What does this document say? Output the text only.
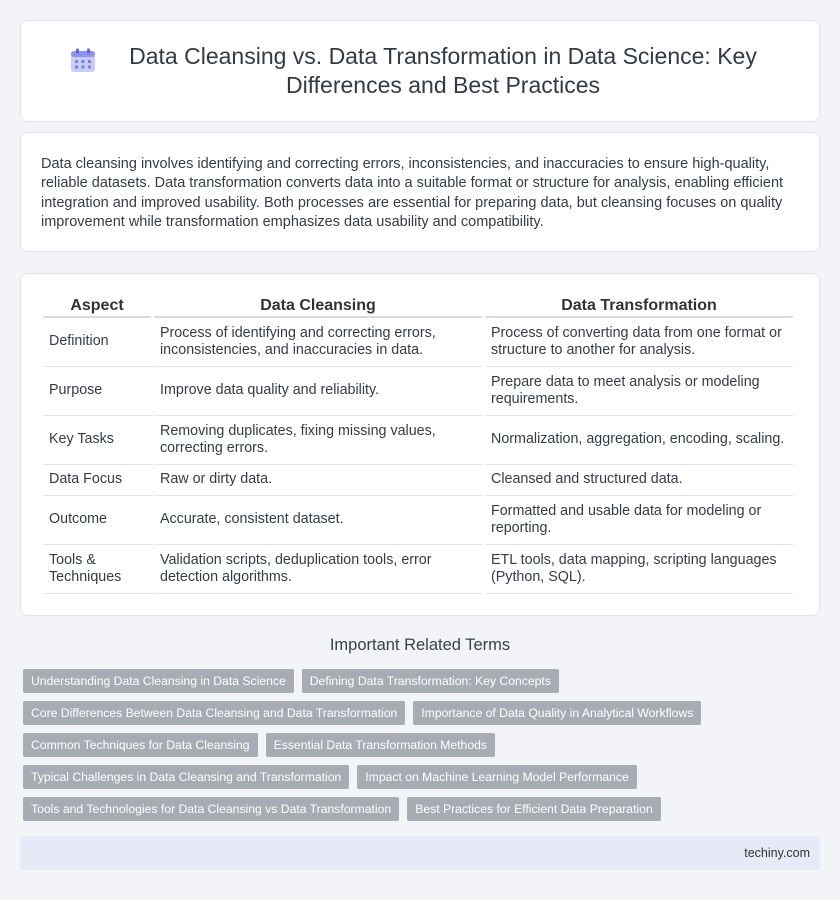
Data Cleansing vs. Data Transformation in Data Science: Key Differences and Best Practices

Data cleansing involves identifying and correcting errors, inconsistencies, and inaccuracies to ensure high-quality, reliable datasets. Data transformation converts data into a suitable format or structure for analysis, enabling efficient integration and improved usability. Both processes are essential for preparing data, but cleansing focuses on quality improvement while transformation emphasizes data usability and compatibility.

Aspect	Data Cleansing	Data Transformation
Definition	Process of identifying and correcting errors, inconsistencies, and inaccuracies in data.	Process of converting data from one format or structure to another for analysis.
Purpose	Improve data quality and reliability.	Prepare data to meet analysis or modeling requirements.
Key Tasks	Removing duplicates, fixing missing values, correcting errors.	Normalization, aggregation, encoding, scaling.
Data Focus	Raw or dirty data.	Cleansed and structured data.
Outcome	Accurate, consistent dataset.	Formatted and usable data for modeling or reporting.
Tools & Techniques	Validation scripts, deduplication tools, error detection algorithms.	ETL tools, data mapping, scripting languages (Python, SQL).
Important Related Terms
Understanding Data Cleansing in Data Science	Defining Data Transformation: Key Concepts
Core Differences Between Data Cleansing and Data Transformation	Importance of Data Quality in Analytical Workflows
Common Techniques for Data Cleansing	Essential Data Transformation Methods
Typical Challenges in Data Cleansing and Transformation	Impact on Machine Learning Model Performance
Tools and Technologies for Data Cleansing vs Data Transformation	Best Practices for Efficient Data Preparation
techiny.com
